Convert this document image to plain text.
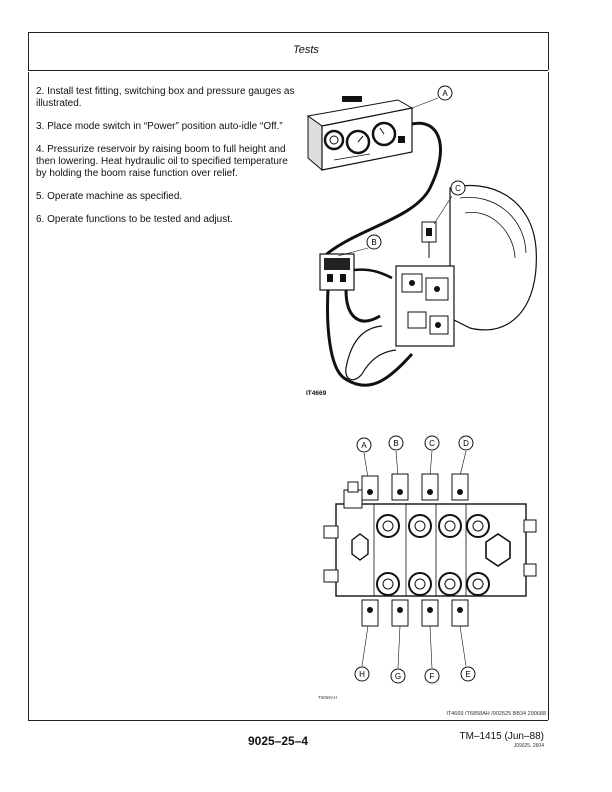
Tests
2. Install test fitting, switching box and pressure gauges as illustrated.
3. Place mode switch in “Power” position auto-idle “Off.”
4. Pressurize reservoir by raising boom to full height and then lowering. Heat hydraulic oil to specified temperature by holding the boom raise function over relief.
5. Operate machine as specified.
6. Operate functions to be tested and adjust.
A
B
C
IT4669
A	B	C	D
H	G	F	E
T6858AH
IT4669 /T6858AH /902525 BB34 290688
9025–25–4	TM–1415 (Jun–88)
J09025, 2604
